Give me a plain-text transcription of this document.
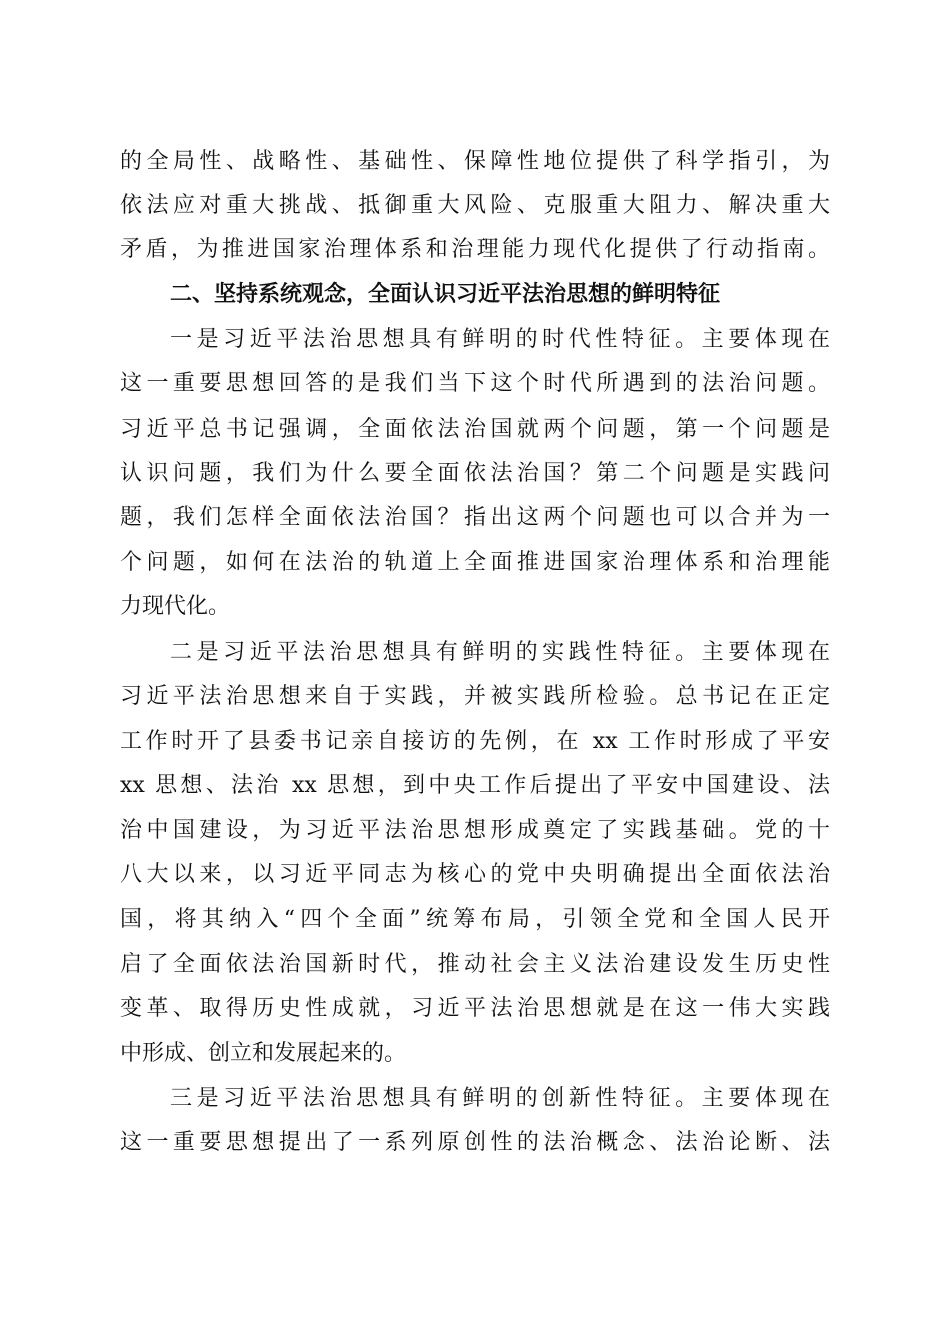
的全局性、战略性、基础性、保障性地位提供了科学指引，为
依法应对重大挑战、抵御重大风险、克服重大阻力、解决重大
矛盾，为推进国家治理体系和治理能力现代化提供了行动指南。
二、坚持系统观念，全面认识习近平法治思想的鲜明特征
一是习近平法治思想具有鲜明的时代性特征。主要体现在
这一重要思想回答的是我们当下这个时代所遇到的法治问题。
习近平总书记强调，全面依法治国就两个问题，第一个问题是
认识问题，我们为什么要全面依法治国？第二个问题是实践问
题，我们怎样全面依法治国？指出这两个问题也可以合并为一
个问题，如何在法治的轨道上全面推进国家治理体系和治理能
力现代化。
二是习近平法治思想具有鲜明的实践性特征。主要体现在
习近平法治思想来自于实践，并被实践所检验。总书记在正定
工作时开了县委书记亲自接访的先例，在 xx 工作时形成了平安
xx 思想、法治 xx 思想，到中央工作后提出了平安中国建设、法
治中国建设，为习近平法治思想形成奠定了实践基础。党的十
八大以来，以习近平同志为核心的党中央明确提出全面依法治
国，将其纳入“四个全面”统筹布局，引领全党和全国人民开
启了全面依法治国新时代，推动社会主义法治建设发生历史性
变革、取得历史性成就，习近平法治思想就是在这一伟大实践
中形成、创立和发展起来的。
三是习近平法治思想具有鲜明的创新性特征。主要体现在
这一重要思想提出了一系列原创性的法治概念、法治论断、法
